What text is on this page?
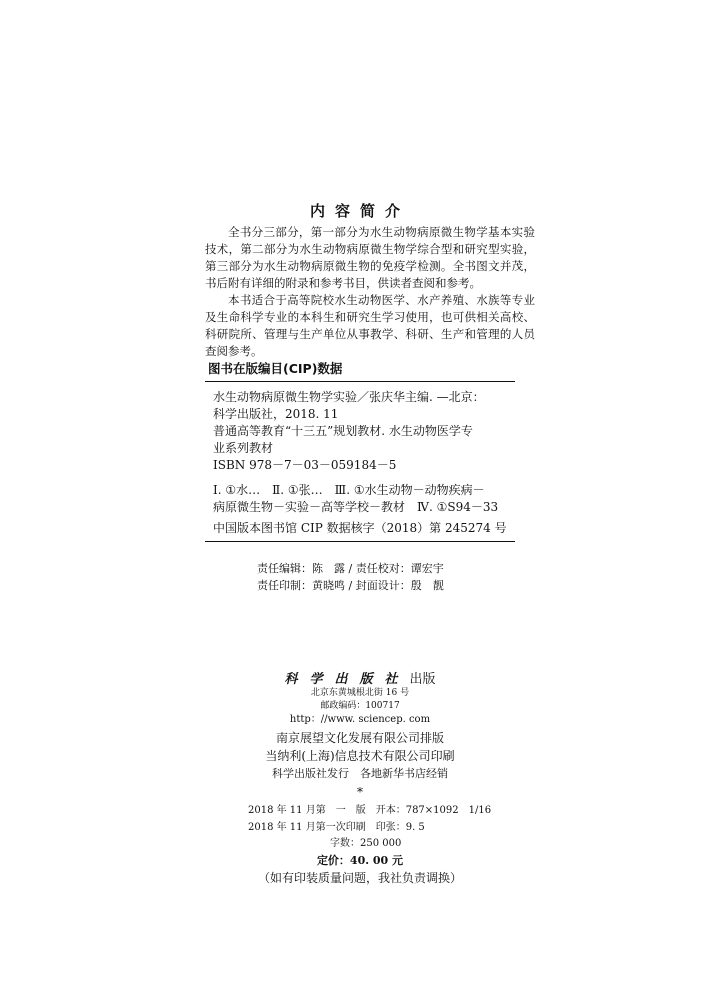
内容简介

全书分三部分，第一部分为水生动物病原微生物学基本实验技术，第二部分为水生动物病原微生物学综合型和研究型实验，第三部分为水生动物病原微生物的免疫学检测。全书图文并茂，书后附有详细的附录和参考书目，供读者查阅和参考。

本书适合于高等院校水生动物医学、水产养殖、水族等专业及生命科学专业的本科生和研究生学习使用，也可供相关高校、科研院所、管理与生产单位从事教学、科研、生产和管理的人员查阅参考。

图书在版编目(CIP)数据
水生动物病原微生物学实验／张庆华主编. —北京：
科学出版社，2018. 11
普通高等教育“十三五”规划教材. 水生动物医学专
业系列教材
ISBN 978－7－03－059184－5
Ⅰ. ①水…　Ⅱ. ①张…　Ⅲ. ①水生动物－动物疾病－
病原微生物－实验－高等学校－教材　Ⅳ. ①S94－33
中国版本图书馆 CIP 数据核字（2018）第 245274 号
责任编辑：陈　露 / 责任校对：谭宏宇
责任印制：黄晓鸣 / 封面设计：殷　靓
科学出版社出版
北京东黄城根北街 16 号
邮政编码：100717
http：//www. sciencep. com
南京展望文化发展有限公司排版
当纳利(上海)信息技术有限公司印刷
科学出版社发行　各地新华书店经销
*
2018 年 11 月第　一　版　开本：787×1092　1/16
2018 年 11 月第一次印刷　印张：9. 5
字数：250 000
定价：40. 00 元
（如有印装质量问题，我社负责调换）
